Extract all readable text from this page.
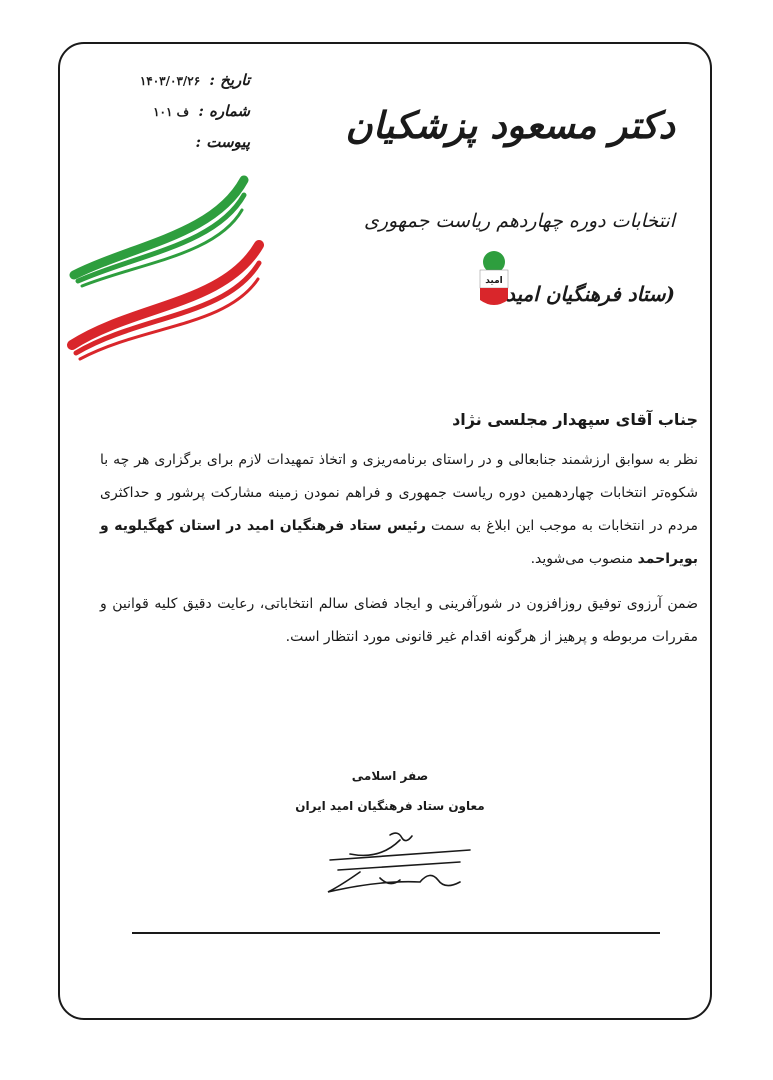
تاریخ : ۱۴۰۳/۰۳/۲۶
شماره : ف ۱۰۱
پیوست :	دکتر مسعود پزشکیان
انتخابات دوره چهاردهم ریاست جمهوری
امید
(ستاد فرهنگیان امید
جناب آقای سپهدار مجلسی نژاد

نظر به سوابق ارزشمند جنابعالی و در راستای برنامه‌ریزی و اتخاذ تمهیدات لازم برای برگزاری هر چه با شکوه‌تر انتخابات چهاردهمین دوره ریاست جمهوری و فراهم نمودن زمینه مشارکت پرشور و حداکثری مردم در انتخابات به موجب این ابلاغ به سمت رئیس ستاد فرهنگیان امید در استان کهگیلویه و بویراحمد منصوب می‌شوید.

ضمن آرزوی توفیق روزافزون در شورآفرینی و ایجاد فضای سالم انتخاباتی، رعایت دقیق کلیه قوانین و مقررات مربوطه و پرهیز از هرگونه اقدام غیر قانونی مورد انتظار است.

صفر اسلامی
معاون ستاد فرهنگیان امید ایران
